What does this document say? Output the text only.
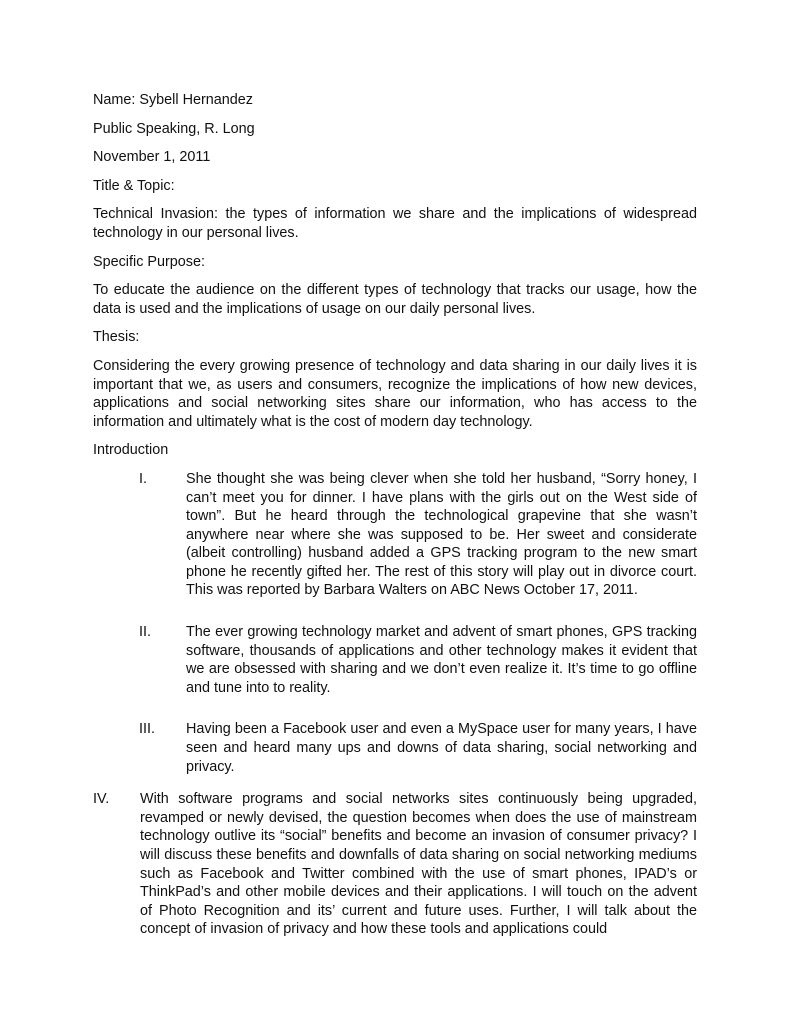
Name: Sybell Hernandez

Public Speaking, R. Long

November 1, 2011

Title & Topic:

Technical Invasion: the types of information we share and the implications of widespread technology in our personal lives.

Specific Purpose:

To educate the audience on the different types of technology that tracks our usage, how the data is used and the implications of usage on our daily personal lives.

Thesis:

Considering the every growing presence of technology and data sharing in our daily lives it is important that we, as users and consumers, recognize the implications of how new devices, applications and social networking sites share our information, who has access to the information and ultimately what is the cost of modern day technology.

Introduction

I.	She thought she was being clever when she told her husband, “Sorry honey, I can’t meet you for dinner. I have plans with the girls out on the West side of town”. But he heard through the technological grapevine that she wasn’t anywhere near where she was supposed to be. Her sweet and considerate (albeit controlling) husband added a GPS tracking program to the new smart phone he recently gifted her. The rest of this story will play out in divorce court. This was reported by Barbara Walters on ABC News October 17, 2011.

II. The ever growing technology market and advent of smart phones, GPS tracking software, thousands of applications and other technology makes it evident that we are obsessed with sharing and we don’t even realize it. It’s time to go offline and tune into to reality.

III. Having been a Facebook user and even a MySpace user for many years, I have seen and heard many ups and downs of data sharing, social networking and privacy.

IV. With software programs and social networks sites continuously being upgraded, revamped or newly devised, the question becomes when does the use of mainstream technology outlive its “social” benefits and become an invasion of consumer privacy? I will discuss these benefits and downfalls of data sharing on social networking mediums such as Facebook and Twitter combined with the use of smart phones, IPAD’s or ThinkPad’s and other mobile devices and their applications. I will touch on the advent of Photo Recognition and its’ current and future uses. Further, I will talk about the concept of invasion of privacy and how these tools and applications could
